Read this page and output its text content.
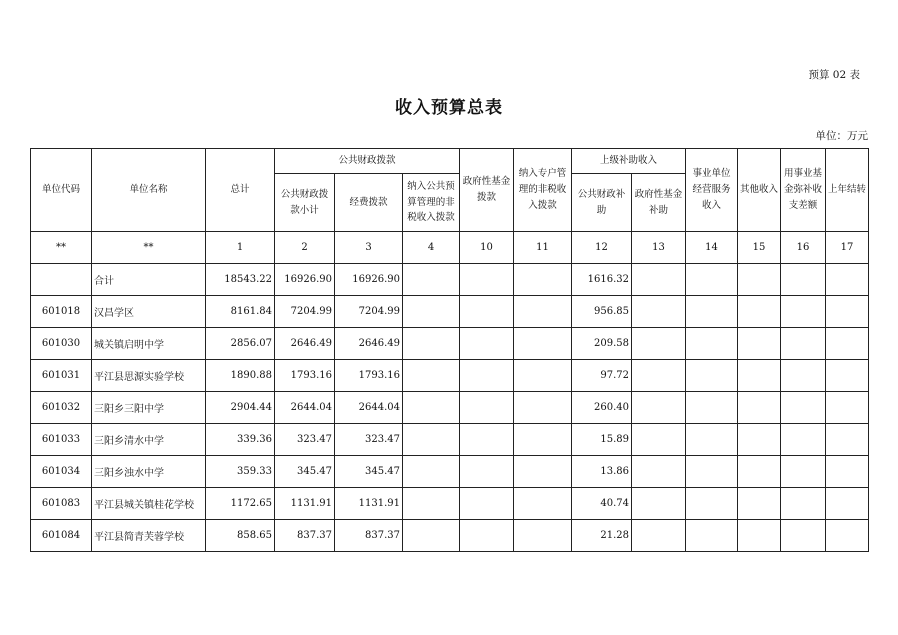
预算 02 表
收入预算总表
单位：万元
单位代码	单位名称	总计	公共财政拨款			政府性基金拨款	纳入专户管理的非税收入拨款	上级补助收入		事业单位经营服务收入	其他收入	用事业基金弥补收支差额	上年结转
			公共财政拨款小计	经费拨款	纳入公共预算管理的非税收入拨款			公共财政补助	政府性基金补助				
**	**	1	2	3	4	10	11	12	13	14	15	16	17
	合计	18543.22	16926.90	16926.90				1616.32					
601018	汉昌学区	8161.84	7204.99	7204.99				956.85					
601030	城关镇启明中学	2856.07	2646.49	2646.49				209.58					
601031	平江县思源实验学校	1890.88	1793.16	1793.16				97.72					
601032	三阳乡三阳中学	2904.44	2644.04	2644.04				260.40					
601033	三阳乡清水中学	339.36	323.47	323.47				15.89					
601034	三阳乡浊水中学	359.33	345.47	345.47				13.86					
601083	平江县城关镇桂花学校	1172.65	1131.91	1131.91				40.74					
601084	平江县简青芙蓉学校	858.65	837.37	837.37				21.28					
